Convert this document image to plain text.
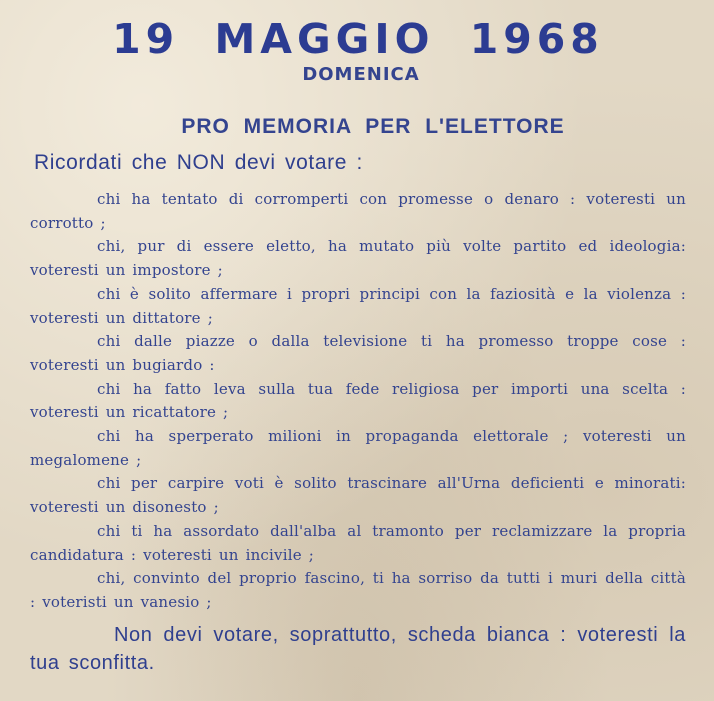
19 MAGGIO 1968
DOMENICA
PRO MEMORIA PER L'ELETTORE

Ricordati che NON devi votare :

chi ha tentato di corromperti con promesse o denaro : voteresti un corrotto ;
chi, pur di essere eletto, ha mutato più volte partito ed ideologia: voteresti un impostore ;
chi è solito affermare i propri principi con la faziosità e la violenza : voteresti un dittatore ;
chi dalle piazze o dalla televisione ti ha promesso troppe cose : voteresti un bugiardo :
chi ha fatto leva sulla tua fede religiosa per importi una scelta : voteresti un ricattatore ;
chi ha sperperato milioni in propaganda elettorale ; voteresti un megalomene ;
chi per carpire voti è solito trascinare all'Urna deficienti e minorati: voteresti un disonesto ;
chi ti ha assordato dall'alba al tramonto per reclamizzare la propria candidatura : voteresti un incivile ;
chi, convinto del proprio fascino, ti ha sorriso da tutti i muri della città : voteristi un vanesio ;

Non devi votare, soprattutto, scheda bianca : voteresti la tua sconfitta.
